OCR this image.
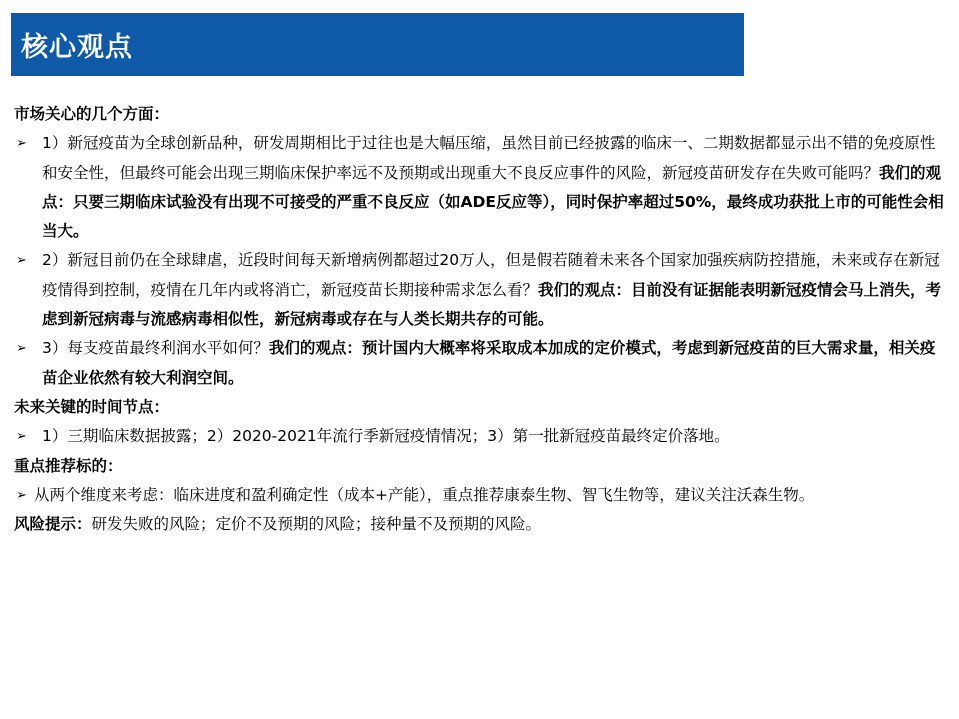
核心观点

市场关心的几个方面：

➢ 1）新冠疫苗为全球创新品种，研发周期相比于过往也是大幅压缩，虽然目前已经披露的临床一、二期数据都显示出不错的免疫原性和安全性，但最终可能会出现三期临床保护率远不及预期或出现重大不良反应事件的风险，新冠疫苗研发存在失败可能吗？我们的观点：只要三期临床试验没有出现不可接受的严重不良反应（如ADE反应等），同时保护率超过50%，最终成功获批上市的可能性会相当大。

➢ 2）新冠目前仍在全球肆虐，近段时间每天新增病例都超过20万人，但是假若随着未来各个国家加强疾病防控措施，未来或存在新冠疫情得到控制，疫情在几年内或将消亡，新冠疫苗长期接种需求怎么看？我们的观点：目前没有证据能表明新冠疫情会马上消失，考虑到新冠病毒与流感病毒相似性，新冠病毒或存在与人类长期共存的可能。

➢ 3）每支疫苗最终利润水平如何？我们的观点：预计国内大概率将采取成本加成的定价模式，考虑到新冠疫苗的巨大需求量，相关疫苗企业依然有较大利润空间。

未来关键的时间节点：

➢ 1）三期临床数据披露；2）2020-2021年流行季新冠疫情情况；3）第一批新冠疫苗最终定价落地。

重点推荐标的：

➢ 从两个维度来考虑：临床进度和盈利确定性（成本+产能），重点推荐康泰生物、智飞生物等，建议关注沃森生物。

风险提示：研发失败的风险；定价不及预期的风险；接种量不及预期的风险。
